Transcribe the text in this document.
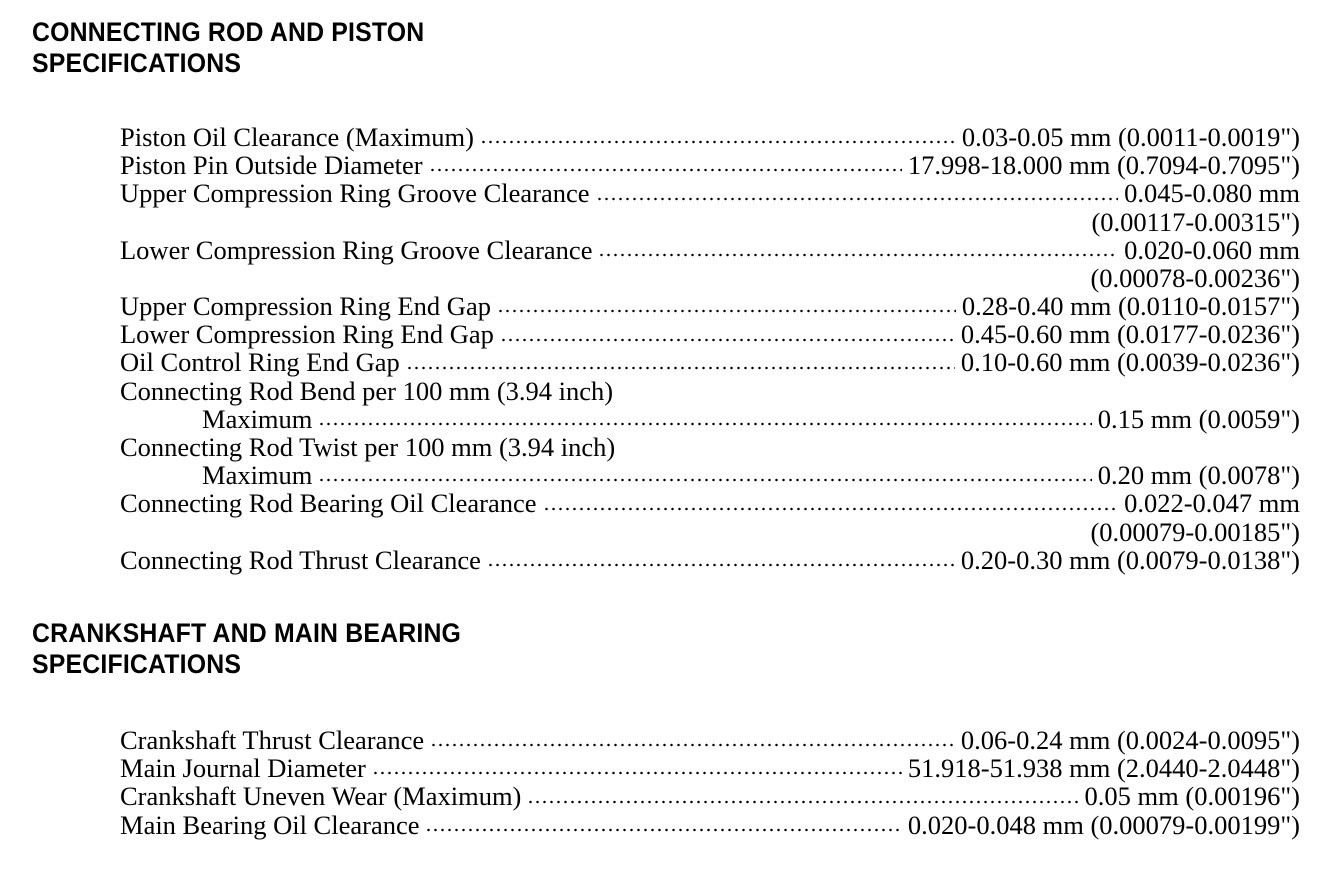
CONNECTING ROD AND PISTON
SPECIFICATIONS
Piston Oil Clearance (Maximum)	0.03-0.05 mm (0.0011-0.0019")
Piston Pin Outside Diameter	17.998-18.000 mm (0.7094-0.7095")
Upper Compression Ring Groove Clearance	0.045-0.080 mm
(0.00117-0.00315")
Lower Compression Ring Groove Clearance	0.020-0.060 mm
(0.00078-0.00236")
Upper Compression Ring End Gap	0.28-0.40 mm (0.0110-0.0157")
Lower Compression Ring End Gap	0.45-0.60 mm (0.0177-0.0236")
Oil Control Ring End Gap	0.10-0.60 mm (0.0039-0.0236")
Connecting Rod Bend per 100 mm (3.94 inch)
Maximum	0.15 mm (0.0059")
Connecting Rod Twist per 100 mm (3.94 inch)
Maximum	0.20 mm (0.0078")
Connecting Rod Bearing Oil Clearance	0.022-0.047 mm
(0.00079-0.00185")
Connecting Rod Thrust Clearance	0.20-0.30 mm (0.0079-0.0138")
CRANKSHAFT AND MAIN BEARING
SPECIFICATIONS
Crankshaft Thrust Clearance	0.06-0.24 mm (0.0024-0.0095")
Main Journal Diameter	51.918-51.938 mm (2.0440-2.0448")
Crankshaft Uneven Wear (Maximum)	0.05 mm (0.00196")
Main Bearing Oil Clearance	0.020-0.048 mm (0.00079-0.00199")
